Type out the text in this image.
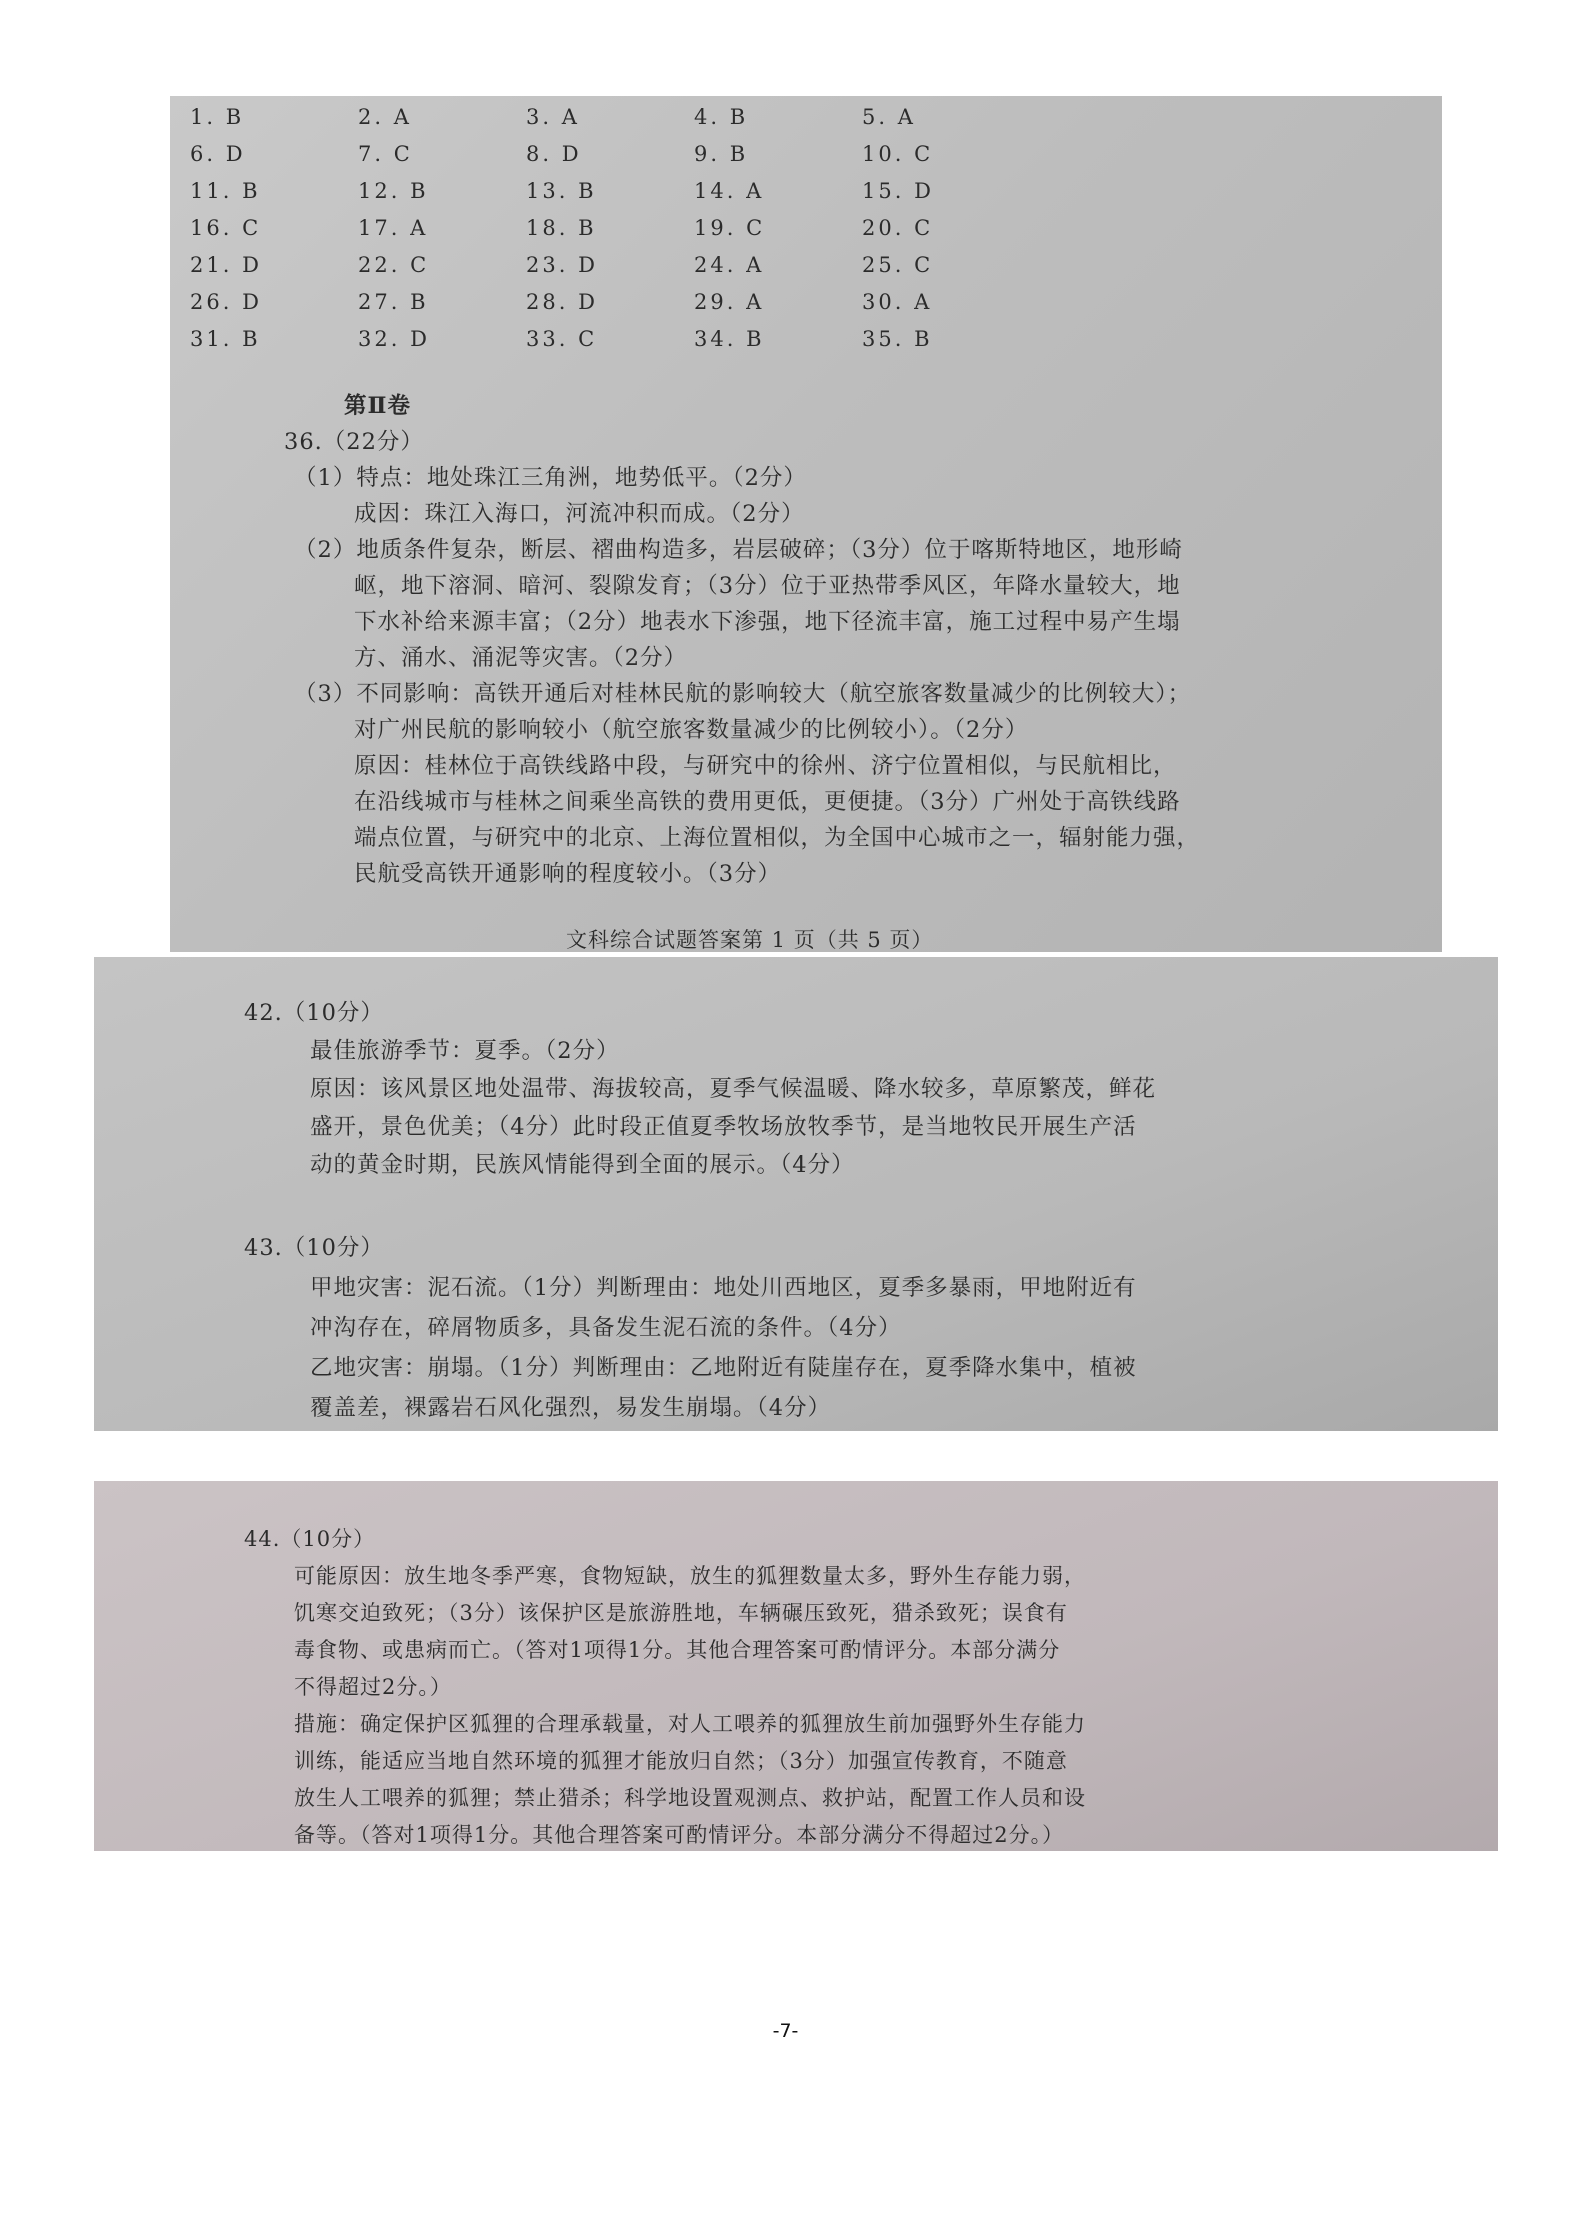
1. B	2. A	3. A	4. B	5. A
6. D	7. C	8. D	9. B	10. C
11. B	12. B	13. B	14. A	15. D
16. C	17. A	18. B	19. C	20. C
21. D	22. C	23. D	24. A	25. C
26. D	27. B	28. D	29. A	30. A
31. B	32. D	33. C	34. B	35. B
第Ⅱ卷
36.（22分）
（1）特点：地处珠江三角洲，地势低平。（2分）
成因：珠江入海口，河流冲积而成。（2分）
（2）地质条件复杂，断层、褶曲构造多，岩层破碎；（3分）位于喀斯特地区，地形崎
岖，地下溶洞、暗河、裂隙发育；（3分）位于亚热带季风区，年降水量较大，地
下水补给来源丰富；（2分）地表水下渗强，地下径流丰富，施工过程中易产生塌
方、涌水、涌泥等灾害。（2分）
（3）不同影响：高铁开通后对桂林民航的影响较大（航空旅客数量减少的比例较大）；
对广州民航的影响较小（航空旅客数量减少的比例较小）。（2分）
原因：桂林位于高铁线路中段，与研究中的徐州、济宁位置相似，与民航相比，
在沿线城市与桂林之间乘坐高铁的费用更低，更便捷。（3分）广州处于高铁线路
端点位置，与研究中的北京、上海位置相似，为全国中心城市之一，辐射能力强，
民航受高铁开通影响的程度较小。（3分）
文科综合试题答案第 1 页（共 5 页）
42.（10分）
最佳旅游季节：夏季。（2分）
原因：该风景区地处温带、海拔较高，夏季气候温暖、降水较多，草原繁茂，鲜花
盛开，景色优美；（4分）此时段正值夏季牧场放牧季节，是当地牧民开展生产活
动的黄金时期，民族风情能得到全面的展示。（4分）
43.（10分）
甲地灾害：泥石流。（1分）判断理由：地处川西地区，夏季多暴雨，甲地附近有
冲沟存在，碎屑物质多，具备发生泥石流的条件。（4分）
乙地灾害：崩塌。（1分）判断理由：乙地附近有陡崖存在，夏季降水集中，植被
覆盖差，裸露岩石风化强烈，易发生崩塌。（4分）
44.（10分）
可能原因：放生地冬季严寒，食物短缺，放生的狐狸数量太多，野外生存能力弱，
饥寒交迫致死；（3分）该保护区是旅游胜地，车辆碾压致死，猎杀致死；误食有
毒食物、或患病而亡。（答对1项得1分。其他合理答案可酌情评分。本部分满分
不得超过2分。）
措施：确定保护区狐狸的合理承载量，对人工喂养的狐狸放生前加强野外生存能力
训练，能适应当地自然环境的狐狸才能放归自然；（3分）加强宣传教育，不随意
放生人工喂养的狐狸；禁止猎杀；科学地设置观测点、救护站，配置工作人员和设
备等。（答对1项得1分。其他合理答案可酌情评分。本部分满分不得超过2分。）
-7-
